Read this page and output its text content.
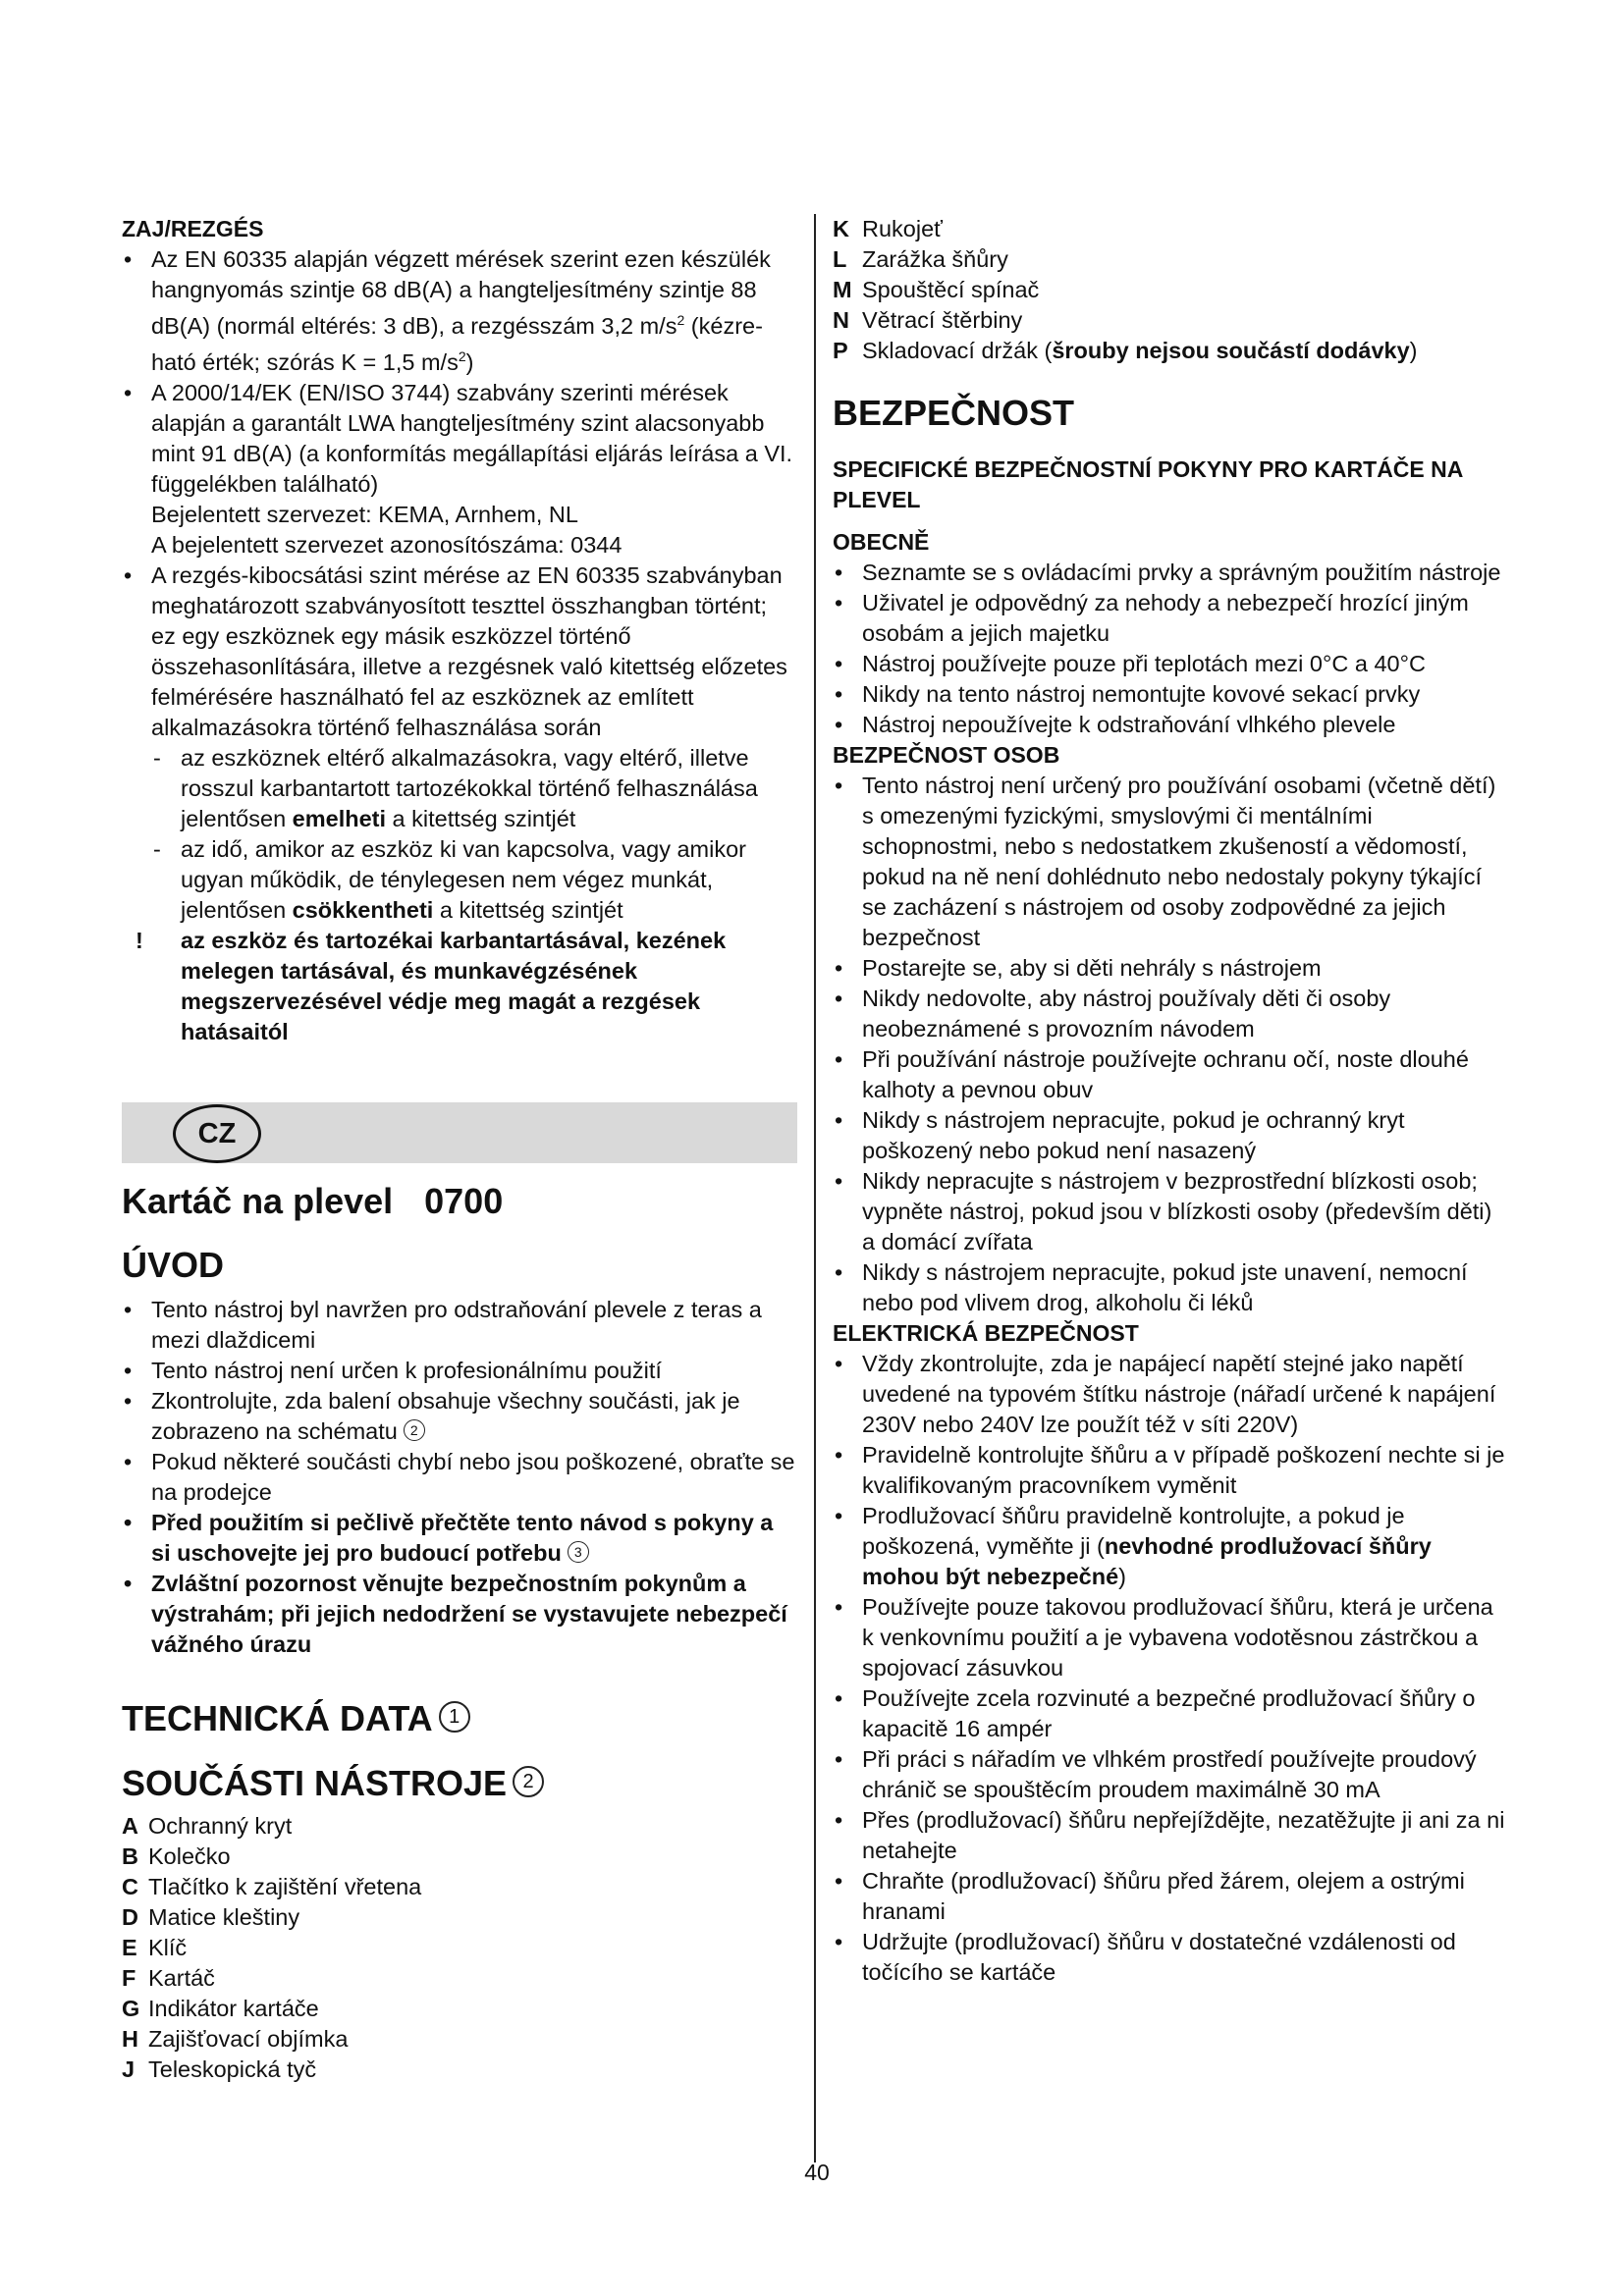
ZAJ/REZGÉS
• Az EN 60335 alapján végzett mérések szerint ezen készülék hangnyomás szintje 68 dB(A) a hangteljesítmény szintje 88 dB(A) (normál eltérés: 3 dB), a rezgésszám 3,2 $m/s^2$ (kézre-ható érték; szórás K = 1,5 $m/s^2$)
• A 2000/14/EK (EN/ISO 3744) szabvány szerinti mérések alapján a garantált LWA hangteljesítmény szint alacsonyabb mint 91 dB(A) (a konformítás megállapítási eljárás leírása a VI. függelékben található)
Bejelentett szervezet: KEMA, Arnhem, NL
A bejelentett szervezet azonosítószáma: 0344
• A rezgés-kibocsátási szint mérése az EN 60335 szabványban meghatározott szabványosított teszttel összhangban történt; ez egy eszköznek egy másik eszközzel történő összehasonlítására, illetve a rezgésnek való kitettség előzetes felmérésére használható fel az eszköznek az említett alkalmazásokra történő felhasználása során
- az eszköznek eltérő alkalmazásokra, vagy eltérő, illetve rosszul karbantartott tartozékokkal történő felhasználása jelentősen emelheti a kitettség szintjét
- az idő, amikor az eszköz ki van kapcsolva, vagy amikor ugyan működik, de ténylegesen nem végez munkát, jelentősen csökkentheti a kitettség szintjét
!	az eszköz és tartozékai karbantartásával, kezének melegen tartásával, és munkavégzésének megszervezésével védje meg magát a rezgések hatásaitól
CZ
Kartáč na plevel 0700
ÚVOD
• Tento nástroj byl navržen pro odstraňování plevele z teras a mezi dlaždicemi
• Tento nástroj není určen k profesionálnímu použití
• Zkontrolujte, zda balení obsahuje všechny součásti, jak je zobrazeno na schématu 2
• Pokud některé součásti chybí nebo jsou poškozené, obraťte se na prodejce
• Před použitím si pečlivě přečtěte tento návod s pokyny a si uschovejte jej pro budoucí potřebu 3
• Zvláštní pozornost věnujte bezpečnostním pokynům a výstrahám; při jejich nedodržení se vystavujete nebezpečí vážného úrazu
TECHNICKÁ DATA 1
SOUČÁSTI NÁSTROJE 2
A Ochranný kryt
B Kolečko
C Tlačítko k zajištění vřetena
D Matice kleštiny
E Klíč
F Kartáč
G Indikátor kartáče
H Zajišťovací objímka
J Teleskopická tyč
K Rukojeť
L Zarážka šňůry
M Spouštěcí spínač
N Větrací štěrbiny
P Skladovací držák (šrouby nejsou součástí dodávky)
BEZPEČNOST
SPECIFICKÉ BEZPEČNOSTNÍ POKYNY PRO KARTÁČE NA PLEVEL
OBECNĚ
• Seznamte se s ovládacími prvky a správným použitím nástroje
• Uživatel je odpovědný za nehody a nebezpečí hrozící jiným osobám a jejich majetku
• Nástroj používejte pouze při teplotách mezi 0°C a 40°C
• Nikdy na tento nástroj nemontujte kovové sekací prvky
• Nástroj nepoužívejte k odstraňování vlhkého plevele
BEZPEČNOST OSOB
• Tento nástroj není určený pro používání osobami (včetně dětí) s omezenými fyzickými, smyslovými či mentálními schopnostmi, nebo s nedostatkem zkušeností a vědomostí, pokud na ně není dohlédnuto nebo nedostaly pokyny týkající se zacházení s nástrojem od osoby zodpovědné za jejich bezpečnost
• Postarejte se, aby si děti nehrály s nástrojem
• Nikdy nedovolte, aby nástroj používaly děti či osoby neobeznámené s provozním návodem
• Při používání nástroje používejte ochranu očí, noste dlouhé kalhoty a pevnou obuv
• Nikdy s nástrojem nepracujte, pokud je ochranný kryt poškozený nebo pokud není nasazený
• Nikdy nepracujte s nástrojem v bezprostřední blízkosti osob; vypněte nástroj, pokud jsou v blízkosti osoby (především děti) a domácí zvířata
• Nikdy s nástrojem nepracujte, pokud jste unavení, nemocní nebo pod vlivem drog, alkoholu či léků
ELEKTRICKÁ BEZPEČNOST
• Vždy zkontrolujte, zda je napájecí napětí stejné jako napětí uvedené na typovém štítku nástroje (nářadí určené k napájení 230V nebo 240V lze použít též v síti 220V)
• Pravidelně kontrolujte šňůru a v případě poškození nechte si je kvalifikovaným pracovníkem vyměnit
• Prodlužovací šňůru pravidelně kontrolujte, a pokud je poškozená, vyměňte ji (nevhodné prodlužovací šňůry mohou být nebezpečné)
• Používejte pouze takovou prodlužovací šňůru, která je určena k venkovnímu použití a je vybavena vodotěsnou zástrčkou a spojovací zásuvkou
• Používejte zcela rozvinuté a bezpečné prodlužovací šňůry o kapacitě 16 ampér
• Při práci s nářadím ve vlhkém prostředí používejte proudový chránič se spouštěcím proudem maximálně 30 mA
• Přes (prodlužovací) šňůru nepřejíždějte, nezatěžujte ji ani za ni netahejte
• Chraňte (prodlužovací) šňůru před žárem, olejem a ostrými hranami
• Udržujte (prodlužovací) šňůru v dostatečné vzdálenosti od točícího se kartáče
40
